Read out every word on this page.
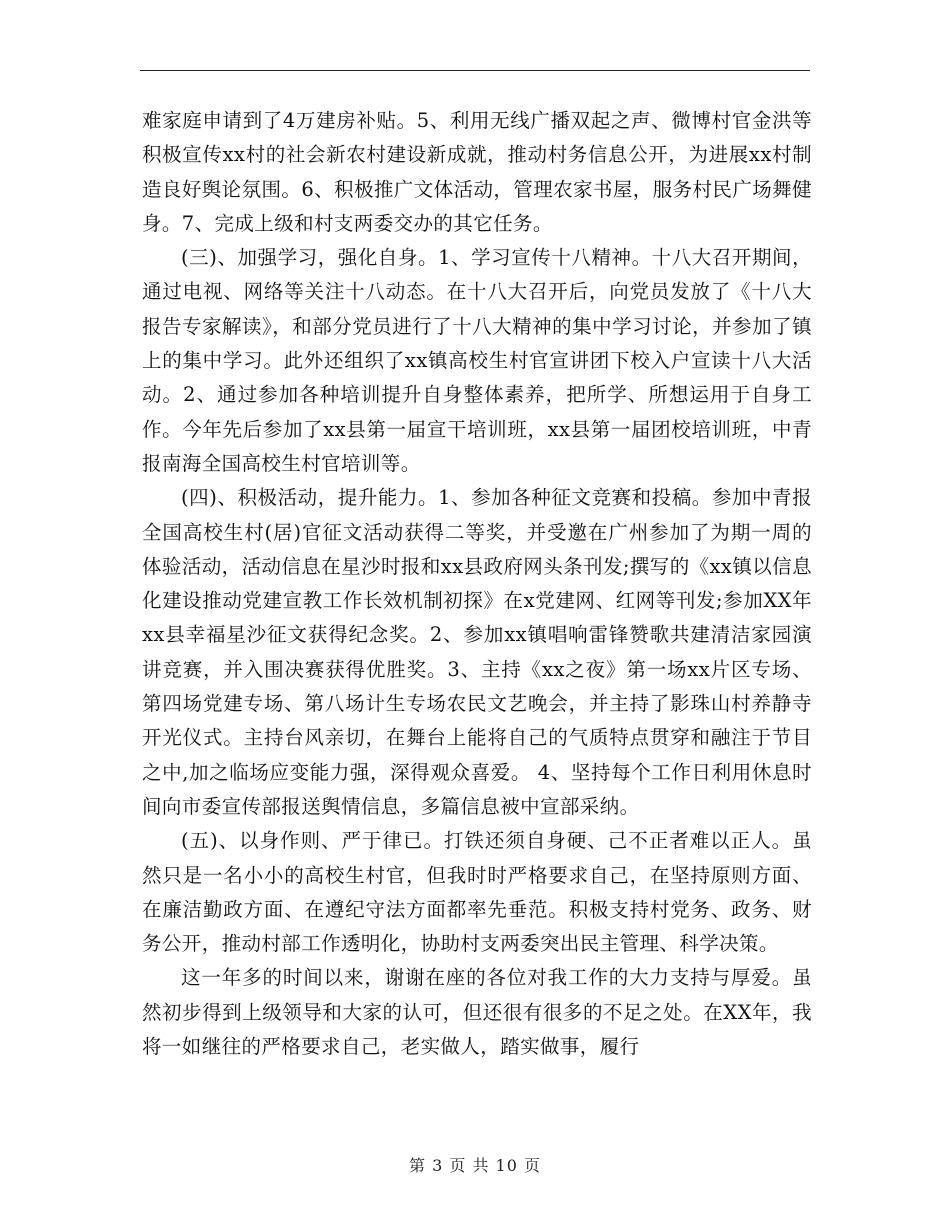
难家庭申请到了4万建房补贴。5、利用无线广播双起之声、微博村官金洪等积极宣传xx村的社会新农村建设新成就，推动村务信息公开，为进展xx村制造良好舆论氛围。6、积极推广文体活动，管理农家书屋，服务村民广场舞健身。7、完成上级和村支两委交办的其它任务。

(三)、加强学习，强化自身。1、学习宣传十八精神。十八大召开期间，通过电视、网络等关注十八动态。在十八大召开后，向党员发放了《十八大报告专家解读》，和部分党员进行了十八大精神的集中学习讨论，并参加了镇上的集中学习。此外还组织了xx镇高校生村官宣讲团下校入户宣读十八大活动。2、通过参加各种培训提升自身整体素养，把所学、所想运用于自身工作。今年先后参加了xx县第一届宣干培训班，xx县第一届团校培训班，中青报南海全国高校生村官培训等。

(四)、积极活动，提升能力。1、参加各种征文竞赛和投稿。参加中青报全国高校生村(居)官征文活动获得二等奖，并受邀在广州参加了为期一周的体验活动，活动信息在星沙时报和xx县政府网头条刊发;撰写的《xx镇以信息化建设推动党建宣教工作长效机制初探》在x党建网、红网等刊发;参加XX年xx县幸福星沙征文获得纪念奖。2、参加xx镇唱响雷锋赞歌共建清洁家园演讲竞赛，并入围决赛获得优胜奖。3、主持《xx之夜》第一场xx片区专场、第四场党建专场、第八场计生专场农民文艺晚会，并主持了影珠山村养静寺开光仪式。主持台风亲切，在舞台上能将自己的气质特点贯穿和融注于节目之中,加之临场应变能力强，深得观众喜爱。 4、坚持每个工作日利用休息时间向市委宣传部报送舆情信息，多篇信息被中宣部采纳。

(五)、以身作则、严于律已。打铁还须自身硬、己不正者难以正人。虽然只是一名小小的高校生村官，但我时时严格要求自己，在坚持原则方面、在廉洁勤政方面、在遵纪守法方面都率先垂范。积极支持村党务、政务、财务公开，推动村部工作透明化，协助村支两委突出民主管理、科学决策。

这一年多的时间以来，谢谢在座的各位对我工作的大力支持与厚爱。虽然初步得到上级领导和大家的认可，但还很有很多的不足之处。在XX年，我将一如继往的严格要求自己，老实做人，踏实做事，履行

第 3 页 共 10 页
